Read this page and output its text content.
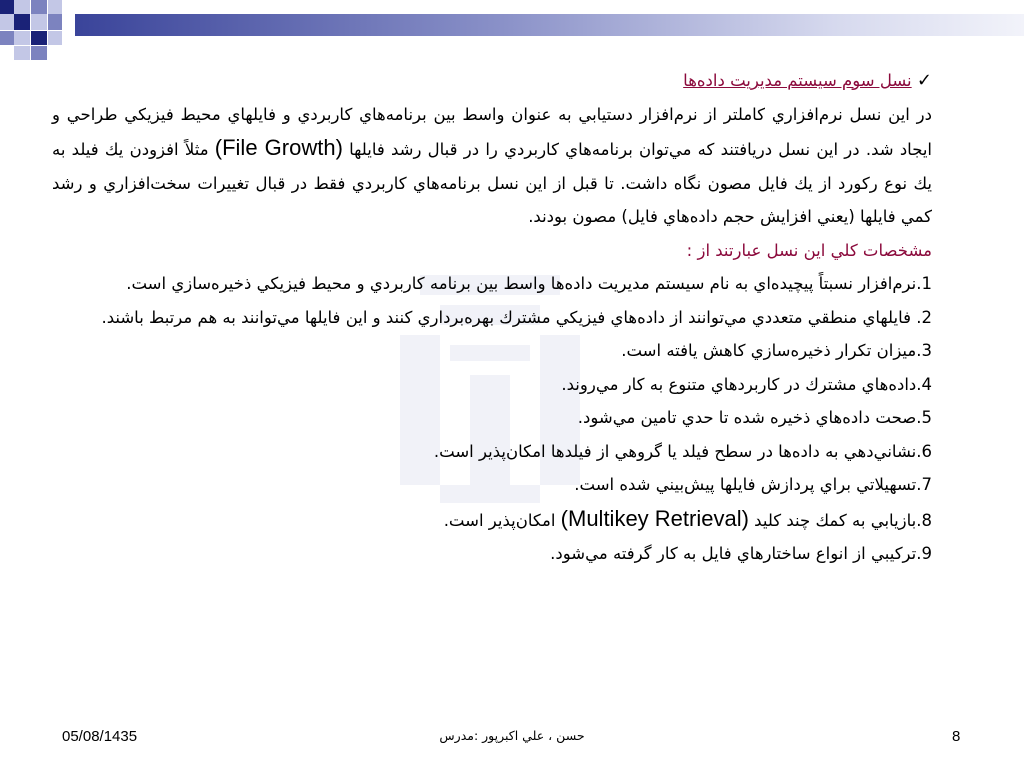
✓ نسل سوم سيستم مديريت داده‌ها

در اين نسل نرم‌افزاري كاملتر از نرم‌افزار دستيابي به عنوان واسط بين برنامه‌هاي كاربردي و فايلهاي محيط فيزيكي طراحي و ايجاد شد. در اين نسل دريافتند كه مي‌توان برنامه‌هاي كاربردي را در قبال رشد فايلها (File Growth) مثلاً افزودن يك فيلد به يك نوع ركورد از يك فايل مصون نگاه داشت. تا قبل از اين نسل برنامه‌هاي كاربردي فقط در قبال تغييرات سخت‌افزاري و رشد كمي فايلها (يعني افزايش حجم داده‌هاي فايل) مصون بودند.

مشخصات كلي اين نسل عبارتند از :

1.نرم‌افزار نسبتاً پيچيده‌اي به نام سيستم مديريت داده‌ها واسط بين برنامه كاربردي و محيط فيزيكي ذخيره‌سازي است.

2. فايلهاي منطقي متعددي مي‌توانند از داده‌هاي فيزيكي مشترك بهره‌برداري كنند و اين فايلها مي‌توانند به هم مرتبط باشند.

3.ميزان تكرار ذخيره‌سازي كاهش يافته است.

4.داده‌هاي مشترك در كاربردهاي متنوع به كار مي‌روند.

5.صحت داده‌هاي ذخيره شده تا حدي تامين مي‌شود.

6.نشاني‌دهي به داده‌ها در سطح فيلد يا گروهي از فيلدها امكان‌پذير است.

7.تسهيلاتي براي پردازش فايلها پيش‌بيني شده است.

8.بازيابي به كمك چند كليد (Multikey Retrieval) امكان‌پذير است.

9.تركيبي از انواع ساختارهاي فايل به كار گرفته مي‌شود.

05/08/1435	حسن ، علي اكبرپور :مدرس	8
